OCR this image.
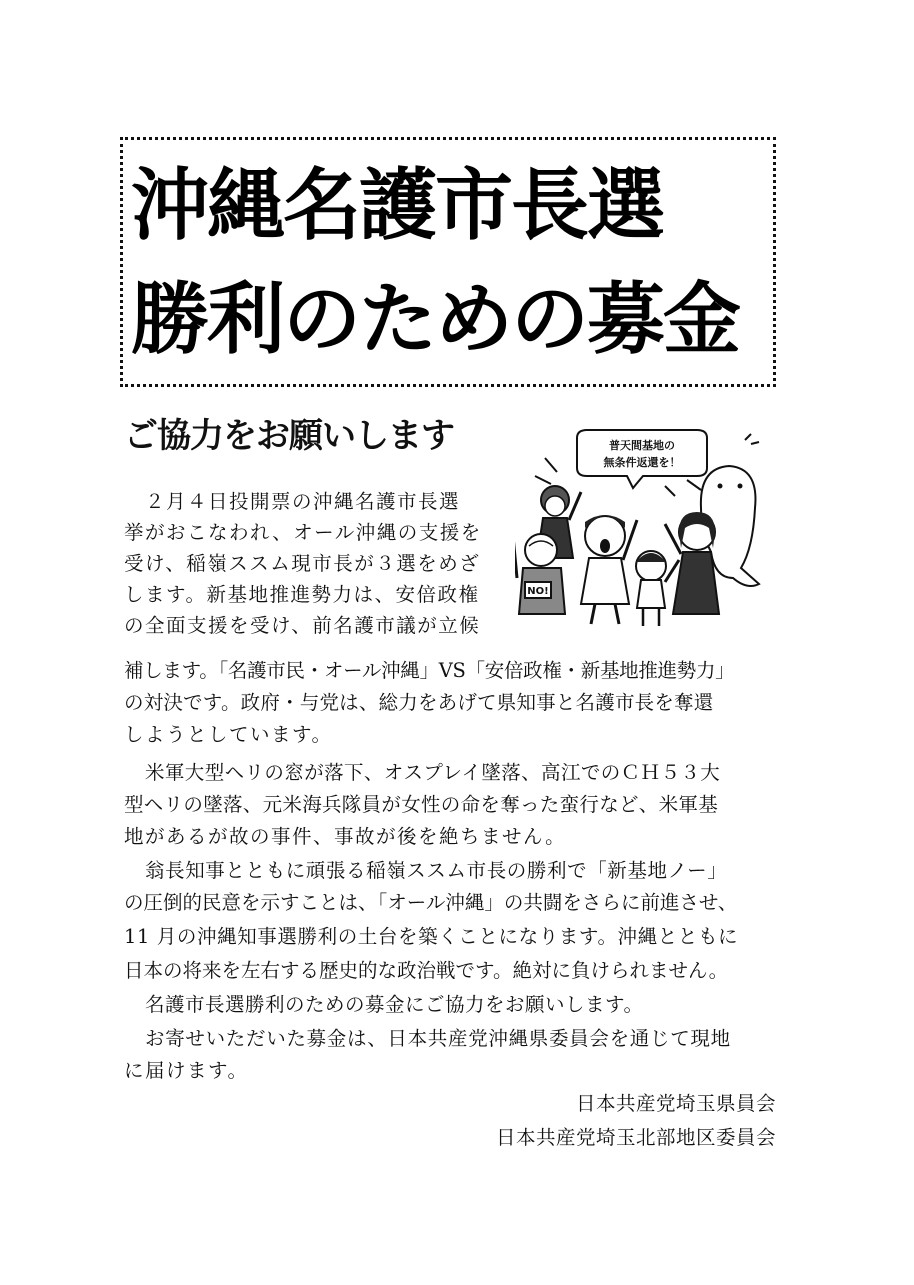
沖縄名護市長選
勝利のための募金
ご協力をお願いします	普天間基地の
無条件返還を！
NO!
２月４日投開票の沖縄名護市長選
挙がおこなわれ、オール沖縄の支援を
受け、稲嶺ススム現市長が３選をめざ
します。新基地推進勢力は、安倍政権
の全面支援を受け、前名護市議が立候
補します。「名護市民・オール沖縄」VS「安倍政権・新基地推進勢力」
の対決です。政府・与党は、総力をあげて県知事と名護市長を奪還
しようとしています。
米軍大型ヘリの窓が落下、オスプレイ墜落、高江でのＣＨ５３大
型ヘリの墜落、元米海兵隊員が女性の命を奪った蛮行など、米軍基
地があるが故の事件、事故が後を絶ちません。
翁長知事とともに頑張る稲嶺ススム市長の勝利で「新基地ノー」
の圧倒的民意を示すことは、「オール沖縄」の共闘をさらに前進させ、
11 月の沖縄知事選勝利の土台を築くことになります。沖縄とともに
日本の将来を左右する歴史的な政治戦です。絶対に負けられません。
名護市長選勝利のための募金にご協力をお願いします。
お寄せいただいた募金は、日本共産党沖縄県委員会を通じて現地
に届けます。
日本共産党埼玉県員会
日本共産党埼玉北部地区委員会
